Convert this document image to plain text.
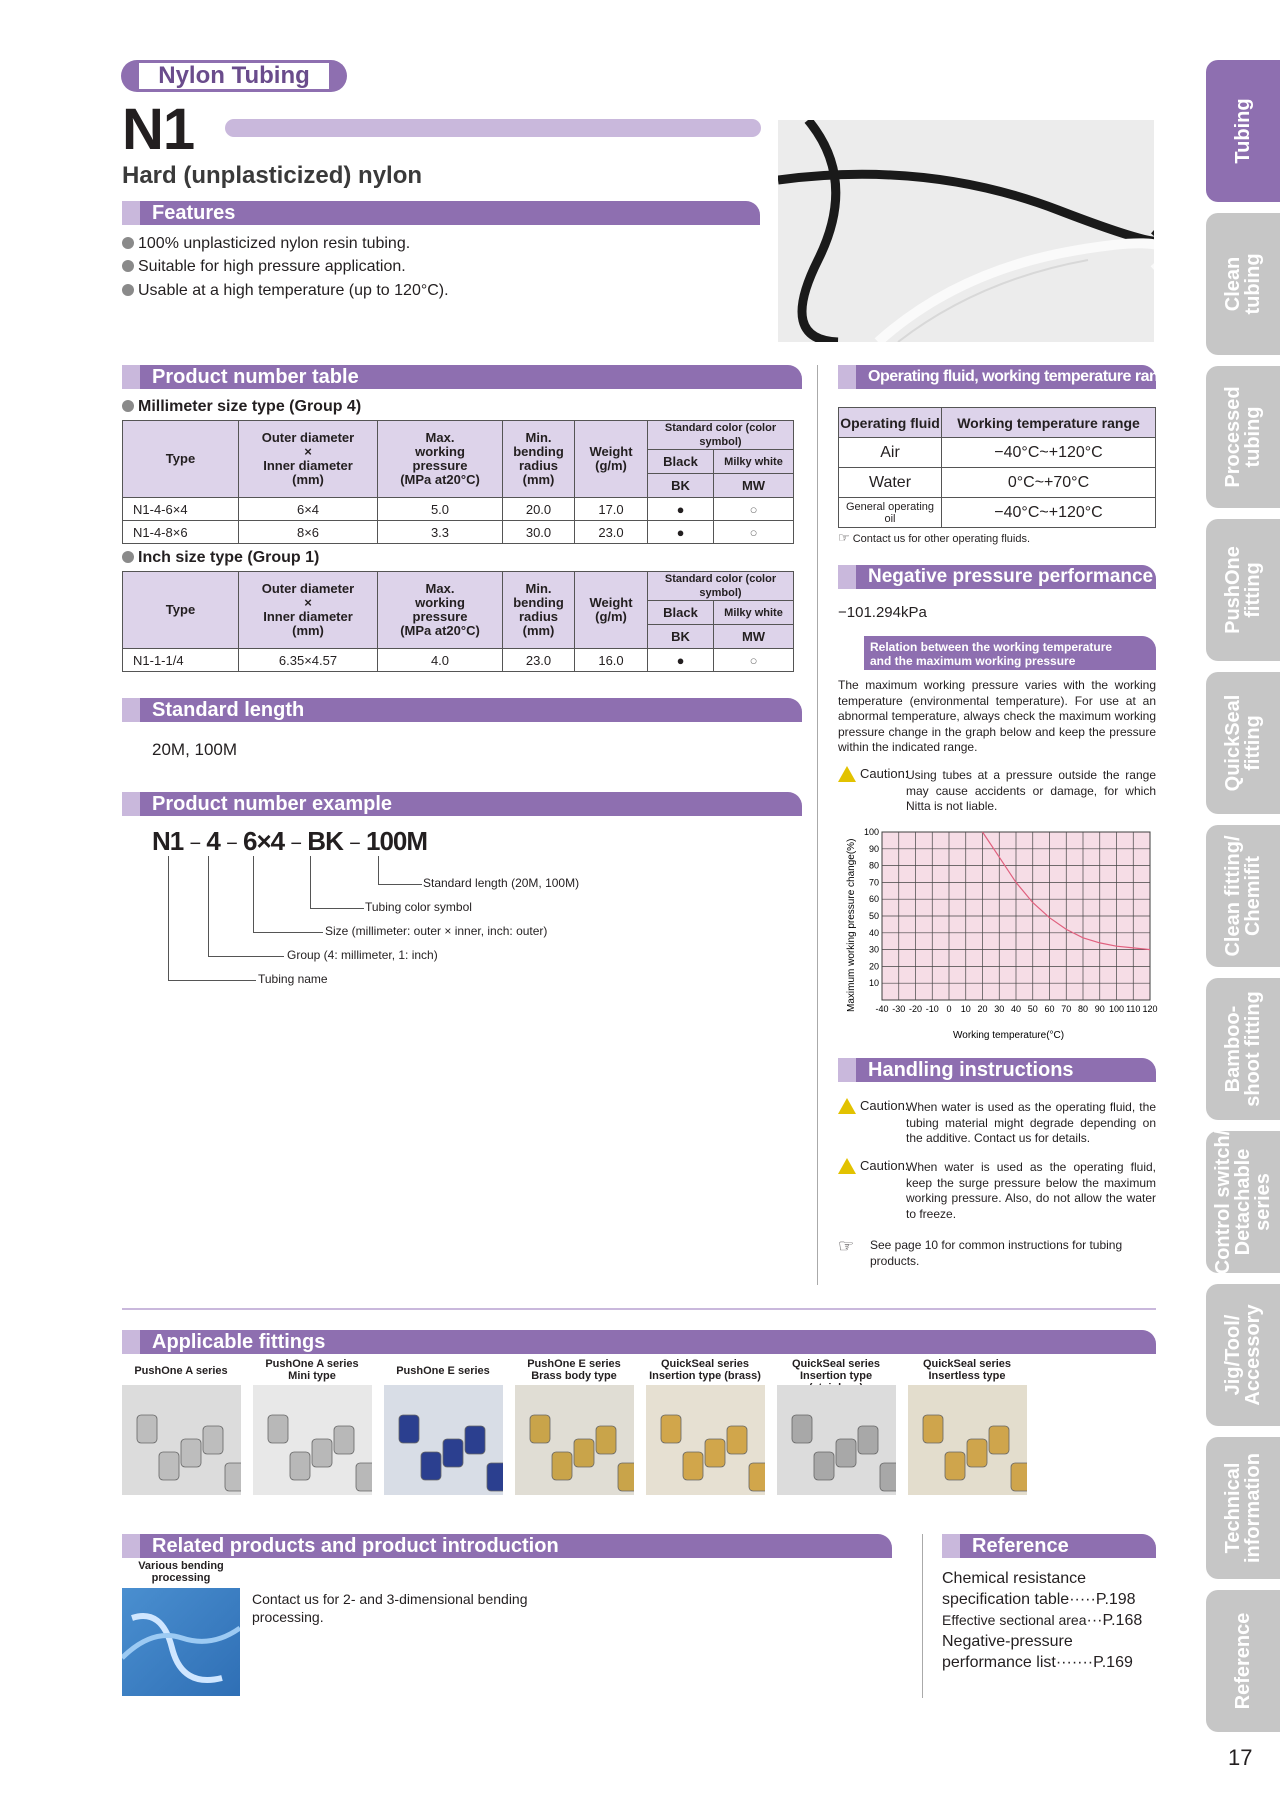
Nylon Tubing
N1
Hard (unplasticized) nylon
Features
100% unplasticized nylon resin tubing.
Suitable for high pressure application.
Usable at a high temperature (up to 120°C).
Product number table
Millimeter size type (Group 4)
Type	Outer diameter
×
Inner diameter
(mm)	Max.
working
pressure
(MPa at20°C)	Min.
bending
radius
(mm)	Weight
(g/m)	Standard color (color symbol)	
					Black	Milky white
					BK	MW
N1-4-6×4	6×4	5.0	20.0	17.0	●	○
N1-4-8×6	8×6	3.3	30.0	23.0	●	○
Inch size type (Group 1)
Type	Outer diameter
×
Inner diameter
(mm)	Max.
working
pressure
(MPa at20°C)	Min.
bending
radius
(mm)	Weight
(g/m)	Standard color (color symbol)	
					Black	Milky white
					BK	MW
N1-1-1/4	6.35×4.57	4.0	23.0	16.0	●	○
Standard length
20M, 100M
Product number example
N1 − 4 − 6×4 − BK − 100M
Standard length (20M, 100M)
Tubing color symbol
Size (millimeter: outer × inner, inch: outer)
Group (4: millimeter, 1: inch)
Tubing name
Operating fluid, working temperature range
Operating fluid	Working temperature range
Air	−40°C~+120°C
Water	0°C~+70°C
General operating oil	−40°C~+120°C
☞ Contact us for other operating fluids.
Negative pressure performance
−101.294kPa
Relation between the working temperature
and the maximum working pressure
The maximum working pressure varies with the working temperature (environmental temperature). For use at an abnormal temperature, always check the maximum working pressure change in the graph below and keep the pressure within the indicated range.
Caution:
Using tubes at a pressure outside the range may cause accidents or damage, for which Nitta is not liable.
Maximum working pressure change(%)
Working temperature(°C)
-40 -30 -20 -10 0 10 20 30 40 50 60 70 80 90 100 110 120
10
20
30
40
50
60
70
80
90
100
Handling instructions
Caution:
When water is used as the operating fluid, the tubing material might degrade depending on the additive. Contact us for details.
Caution:
When water is used as the operating fluid, keep the surge pressure below the maximum working pressure. Also, do not allow the water to freeze.
☞ See page 10 for common instructions for tubing products.
Applicable fittings
PushOne A series
PushOne A series
Mini type	PushOne E series
PushOne E series
Brass body type
QuickSeal series
Insertion type (brass)
QuickSeal series
Insertion type
QuickSeal series
Insertless type
Related products and product introduction
Various bending
processing
Contact us for 2- and 3-dimensional bending processing.
Reference
Chemical resistance
specification table·····P.198
Effective sectional area···P.168
Negative-pressure
performance list·······P.169
Tubing
Clean
tubing
Processed
tubing
PushOne
fitting
QuickSeal
fitting
Clean fitting/
Chemifit
Bamboo-
shoot fitting
Control switch/
Detachable
series
Jig/Tool/
Accessory
Technical
information
Reference
17
